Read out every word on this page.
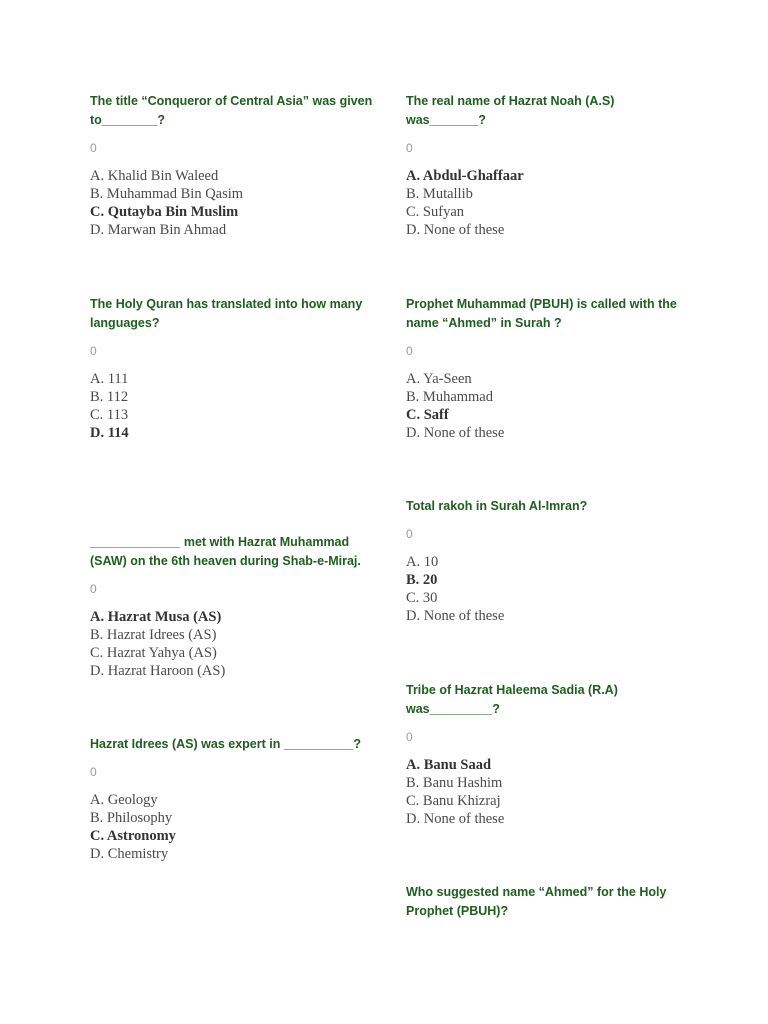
The title “Conqueror of Central Asia” was given to________?

0
A. Khalid Bin Waleed
B. Muhammad Bin Qasim
C. Qutayba Bin Muslim
D. Marwan Bin Ahmad

The real name of Hazrat Noah (A.S) was_______?

0
A. Abdul-Ghaffaar
B. Mutallib
C. Sufyan
D. None of these

The Holy Quran has translated into how many languages?

0
A. 111
B. 112
C. 113
D. 114

Prophet Muhammad (PBUH) is called with the name “Ahmed” in Surah ?

0
A. Ya-Seen
B. Muhammad
C. Saff
D. None of these

Total rakoh in Surah Al-Imran?

0
A. 10
B. 20
C. 30
D. None of these

_____________ met with Hazrat Muhammad (SAW) on the 6th heaven during Shab-e-Miraj.

0
A. Hazrat Musa (AS)
B. Hazrat Idrees (AS)
C. Hazrat Yahya (AS)
D. Hazrat Haroon (AS)

Tribe of Hazrat Haleema Sadia (R.A) was_________?

0
A. Banu Saad
B. Banu Hashim
C. Banu Khizraj
D. None of these

Hazrat Idrees (AS) was expert in __________?

0
A. Geology
B. Philosophy
C. Astronomy
D. Chemistry

Who suggested name “Ahmed” for the Holy Prophet (PBUH)?
